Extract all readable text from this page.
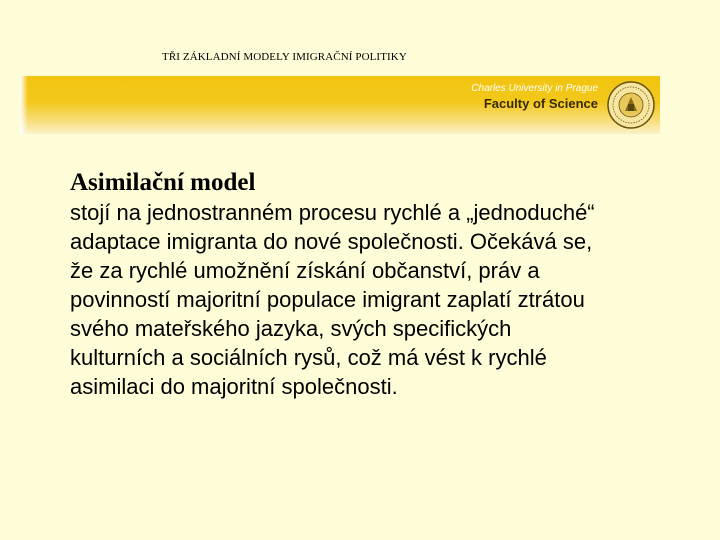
TŘI ZÁKLADNÍ MODELY IMIGRAČNÍ POLITIKY
Charles University in Prague
Faculty of Science

Asimilační model

stojí na jednostranném procesu rychlé a „jednoduché“
adaptace imigranta do nové společnosti. Očekává se,
že za rychlé umožnění získání občanství, práv a
povinností majoritní populace imigrant zaplatí ztrátou
svého mateřského jazyka, svých specifických
kulturních a sociálních rysů, což má vést k rychlé
asimilaci do majoritní společnosti.
